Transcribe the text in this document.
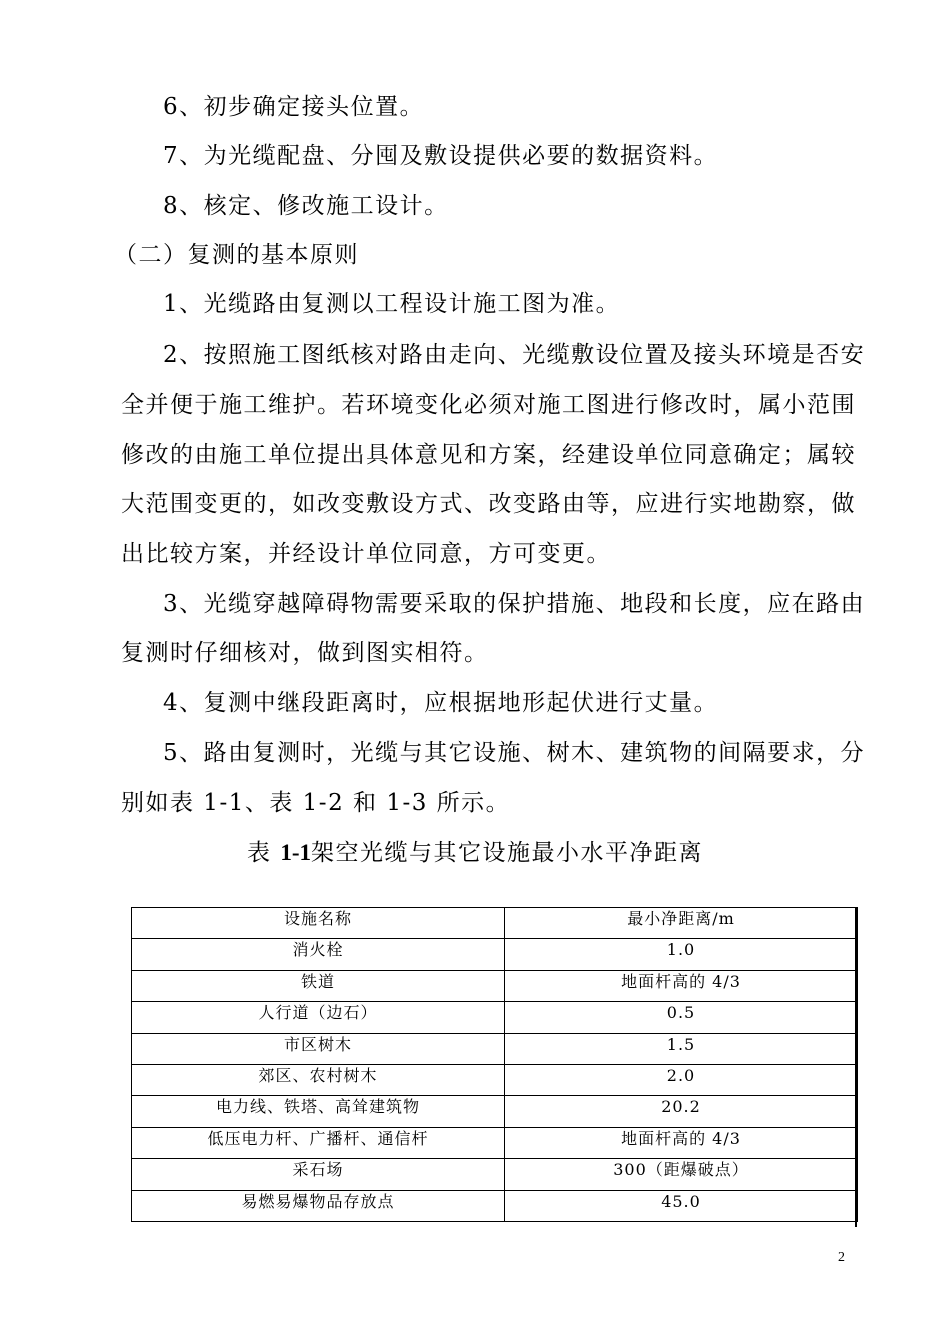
6、初步确定接头位置。
7、为光缆配盘、分囤及敷设提供必要的数据资料。
8、核定、修改施工设计。
（二）复测的基本原则
1、光缆路由复测以工程设计施工图为准。
2、按照施工图纸核对路由走向、光缆敷设位置及接头环境是否安
全并便于施工维护。若环境变化必须对施工图进行修改时，属小范围
修改的由施工单位提出具体意见和方案，经建设单位同意确定；属较
大范围变更的，如改变敷设方式、改变路由等，应进行实地勘察，做
出比较方案，并经设计单位同意，方可变更。
3、光缆穿越障碍物需要采取的保护措施、地段和长度，应在路由
复测时仔细核对，做到图实相符。
4、复测中继段距离时，应根据地形起伏进行丈量。
5、路由复测时，光缆与其它设施、树木、建筑物的间隔要求，分
别如表 1-1、表 1-2 和 1-3 所示。
表 1-1架空光缆与其它设施最小水平净距离
设施名称	最小净距离/m
消火栓	1.0
铁道	地面杆高的 4/3
人行道（边石）	0.5
市区树木	1.5
郊区、农村树木	2.0
电力线、铁塔、高耸建筑物	20.2
低压电力杆、广播杆、通信杆	地面杆高的 4/3
采石场	300（距爆破点）
易燃易爆物品存放点	45.0
2
